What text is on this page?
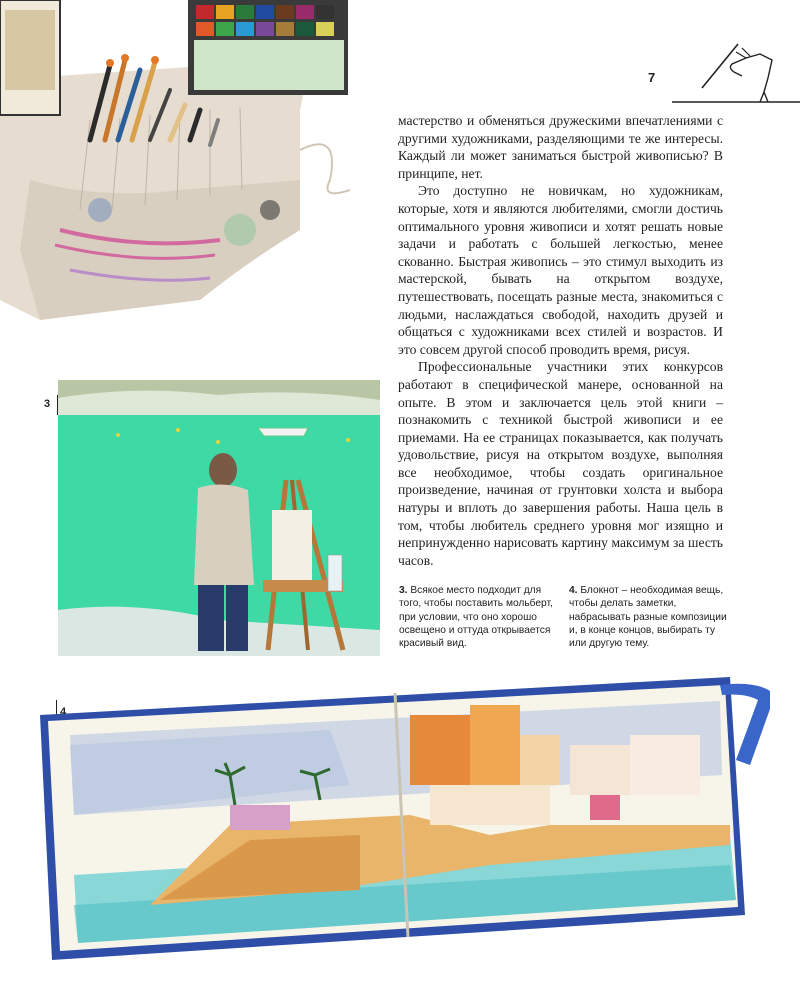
7

мастерство и обменяться дружескими впечатлениями с другими художниками, разделяющими те же интересы. Каждый ли может заниматься быстрой живописью? В принципе, нет.

Это доступно не новичкам, но художникам, которые, хотя и являются любителями, смогли достичь оптимального уровня живописи и хотят решать новые задачи и работать с большей легкостью, менее скованно. Быстрая живопись – это стимул выходить из мастерской, бывать на открытом воздухе, путешествовать, посещать разные места, знакомиться с людьми, наслаждаться свободой, находить друзей и общаться с художниками всех стилей и возрастов. И это совсем другой способ проводить время, рисуя.

Профессиональные участники этих конкурсов работают в специфической манере, основанной на опыте. В этом и заключается цель этой книги – познакомить с техникой быстрой живописи и ее приемами. На ее страницах показывается, как получать удовольствие, рисуя на открытом воздухе, выполняя все необходимое, чтобы создать оригинальное произведение, начиная от грунтовки холста и выбора натуры и вплоть до завершения работы. Наша цель в том, чтобы любитель среднего уровня мог изящно и непринужденно нарисовать картину максимум за шесть часов.

3
3. Всякое место подходит для того, чтобы поставить мольберт, при условии, что оно хорошо освещено и оттуда открывается красивый вид.
4. Блокнот – необходимая вещь, чтобы делать заметки, набрасывать разные композиции и, в конце концов, выбирать ту или другую тему.
4
